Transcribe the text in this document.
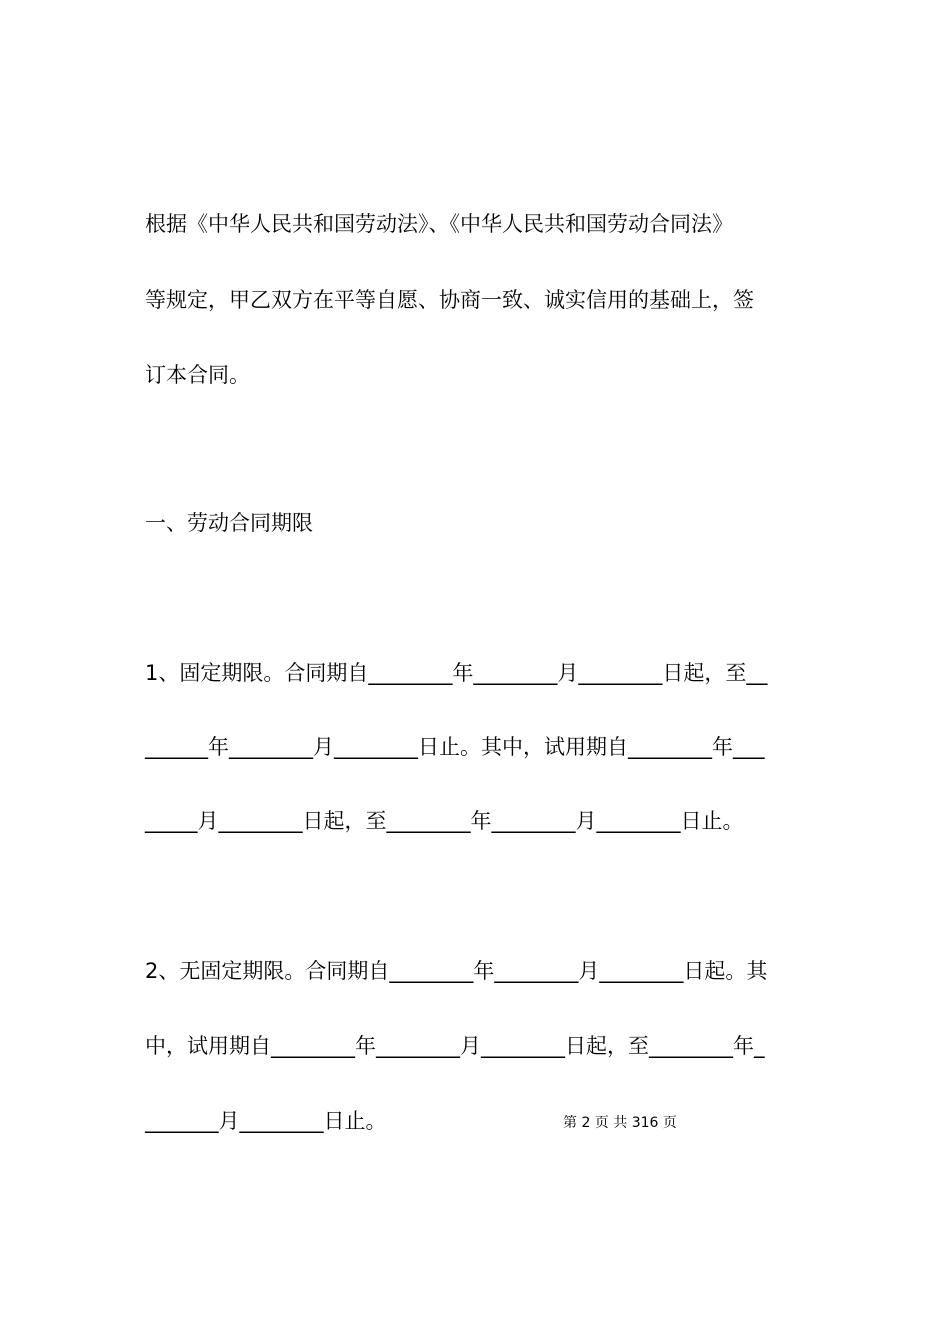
根据《中华人民共和国劳动法》、《中华人民共和国劳动合同法》

等规定，甲乙双方在平等自愿、协商一致、诚实信用的基础上，签

订本合同。

一、劳动合同期限

1、固定期限。合同期自________年________月________日起，至__

______年________月________日止。其中，试用期自________年___

_____月________日起，至________年________月________日止。

2、无固定期限。合同期自________年________月________日起。其

中，试用期自________年________月________日起，至________年_

_______月________日止。	第 2 页 共 316 页
